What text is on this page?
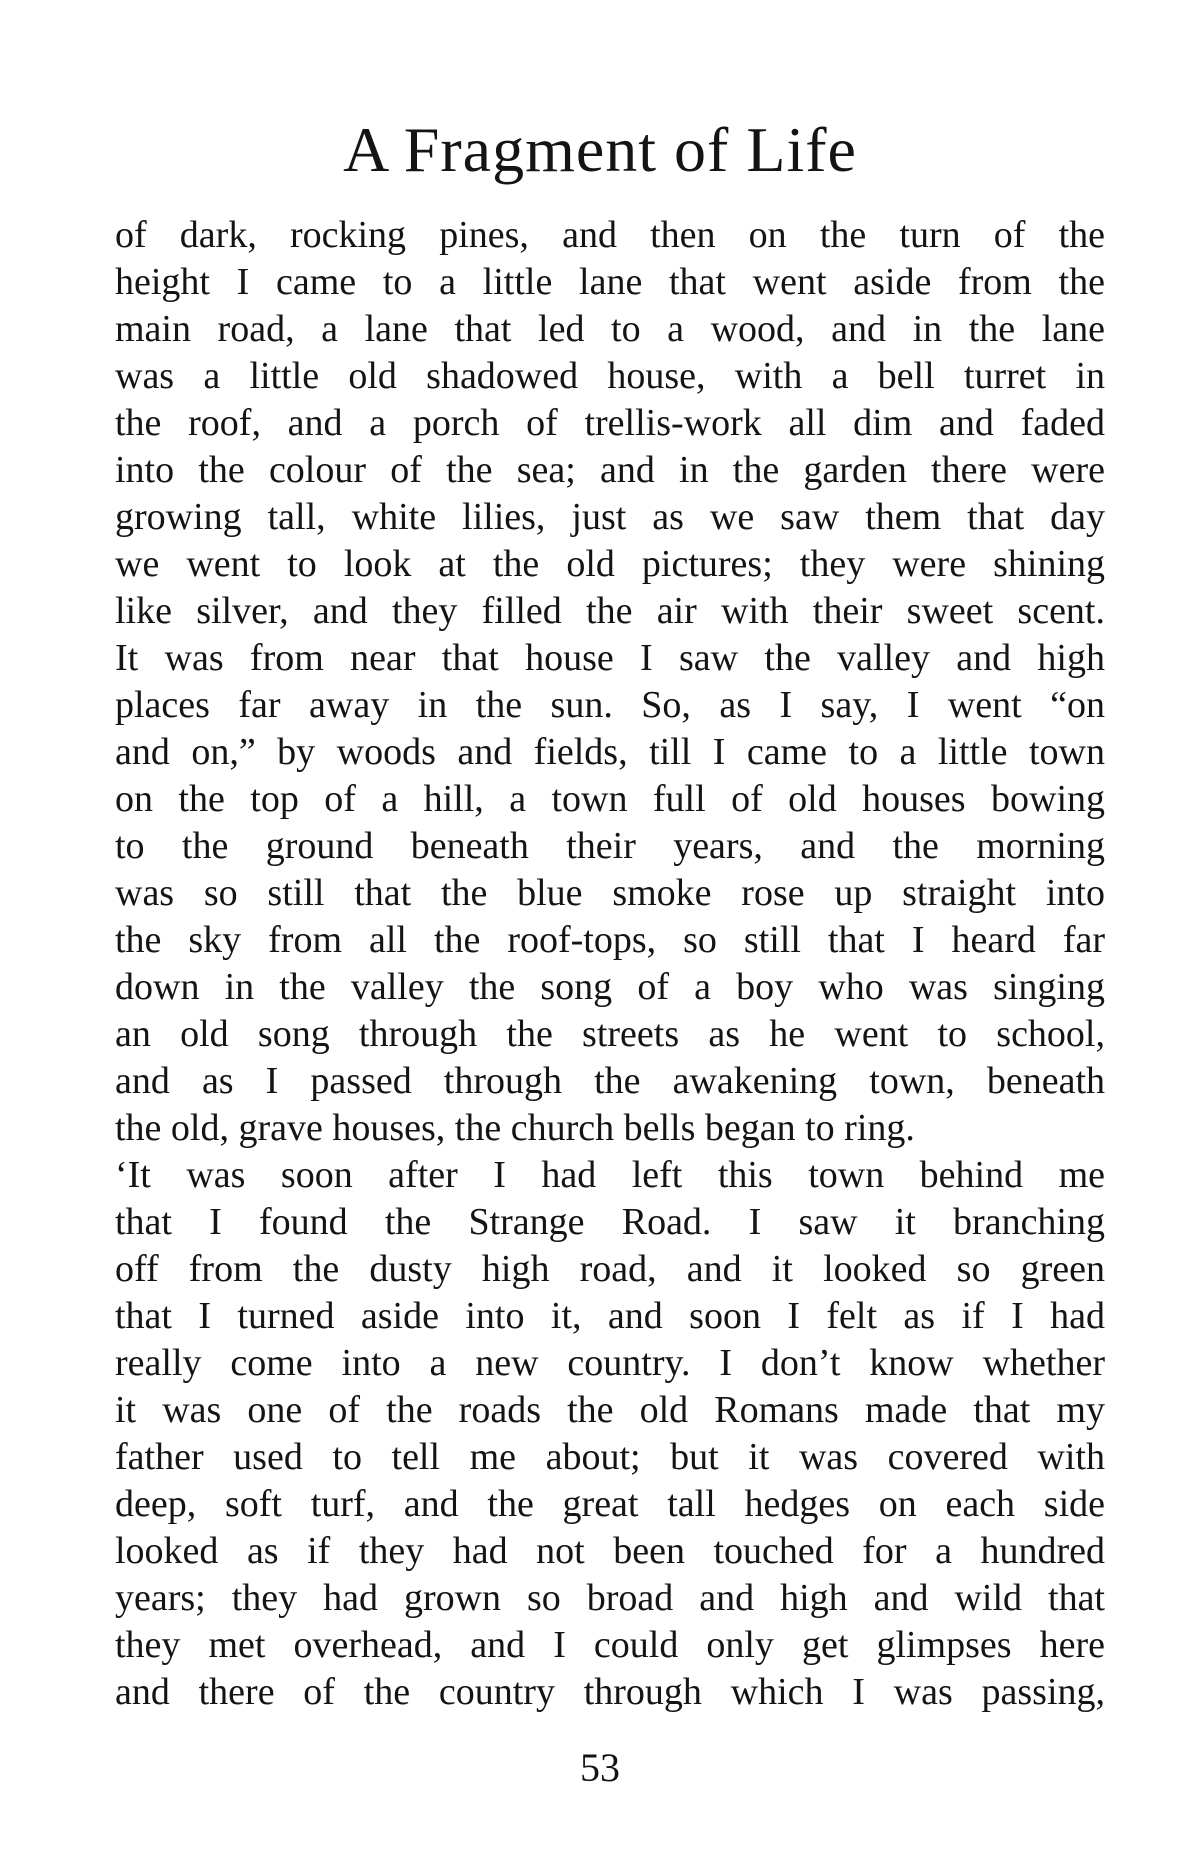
A Fragment of Life
of dark, rocking pines, and then on the turn of the
height I came to a little lane that went aside from the
main road, a lane that led to a wood, and in the lane
was a little old shadowed house, with a bell turret in
the roof, and a porch of trellis-work all dim and faded
into the colour of the sea; and in the garden there were
growing tall, white lilies, just as we saw them that day
we went to look at the old pictures; they were shining
like silver, and they filled the air with their sweet scent.
It was from near that house I saw the valley and high
places far away in the sun. So, as I say, I went “on
and on,” by woods and fields, till I came to a little town
on the top of a hill, a town full of old houses bowing
to the ground beneath their years, and the morning
was so still that the blue smoke rose up straight into
the sky from all the roof-tops, so still that I heard far
down in the valley the song of a boy who was singing
an old song through the streets as he went to school,
and as I passed through the awakening town, beneath
the old, grave houses, the church bells began to ring.
‘It was soon after I had left this town behind me
that I found the Strange Road. I saw it branching
off from the dusty high road, and it looked so green
that I turned aside into it, and soon I felt as if I had
really come into a new country. I don’t know whether
it was one of the roads the old Romans made that my
father used to tell me about; but it was covered with
deep, soft turf, and the great tall hedges on each side
looked as if they had not been touched for a hundred
years; they had grown so broad and high and wild that
they met overhead, and I could only get glimpses here
and there of the country through which I was passing,
53
